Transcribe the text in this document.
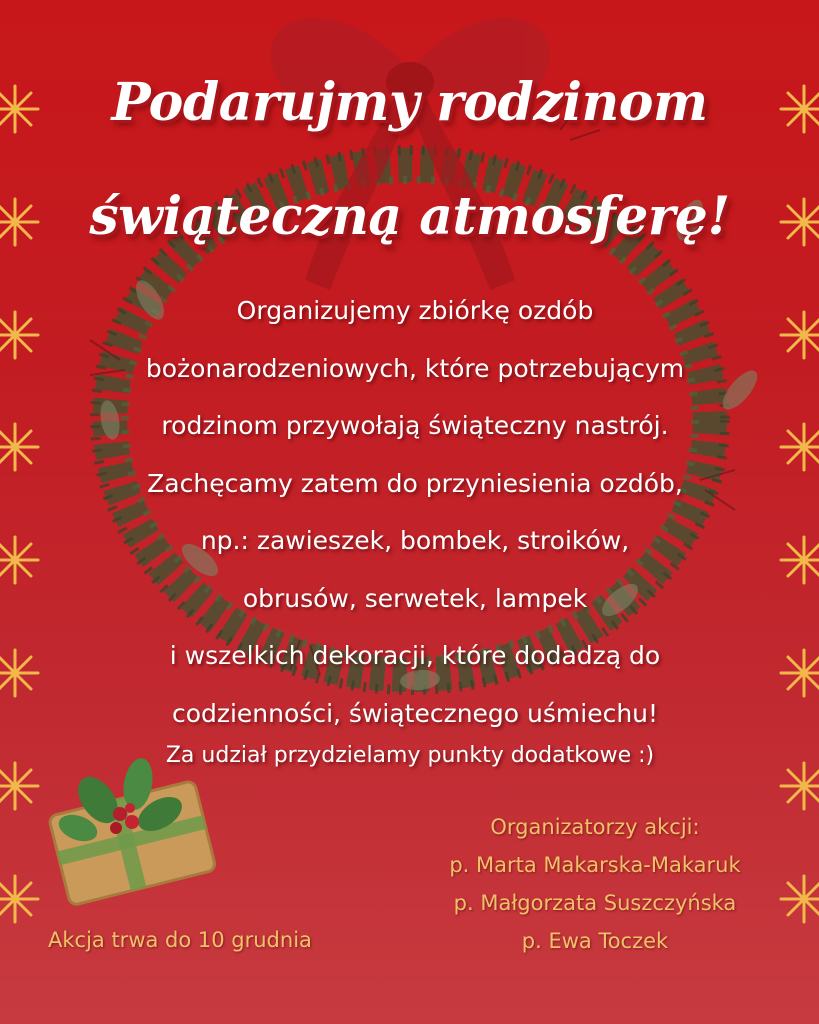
Podarujmy rodzinom
świąteczną atmosferę!
Organizujemy zbiórkę ozdób
bożonarodzeniowych, które potrzebującym
rodzinom przywołają świąteczny nastrój.
Zachęcamy zatem do przyniesienia ozdób,
np.: zawieszek, bombek, stroików,
obrusów, serwetek, lampek
i wszelkich dekoracji, które dodadzą do
codzienności, świątecznego uśmiechu!
Za udział przydzielamy punkty dodatkowe :)
Organizatorzy akcji:
p. Marta Makarska-Makaruk
p. Małgorzata Suszczyńska
p. Ewa Toczek
Akcja trwa do 10 grudnia
